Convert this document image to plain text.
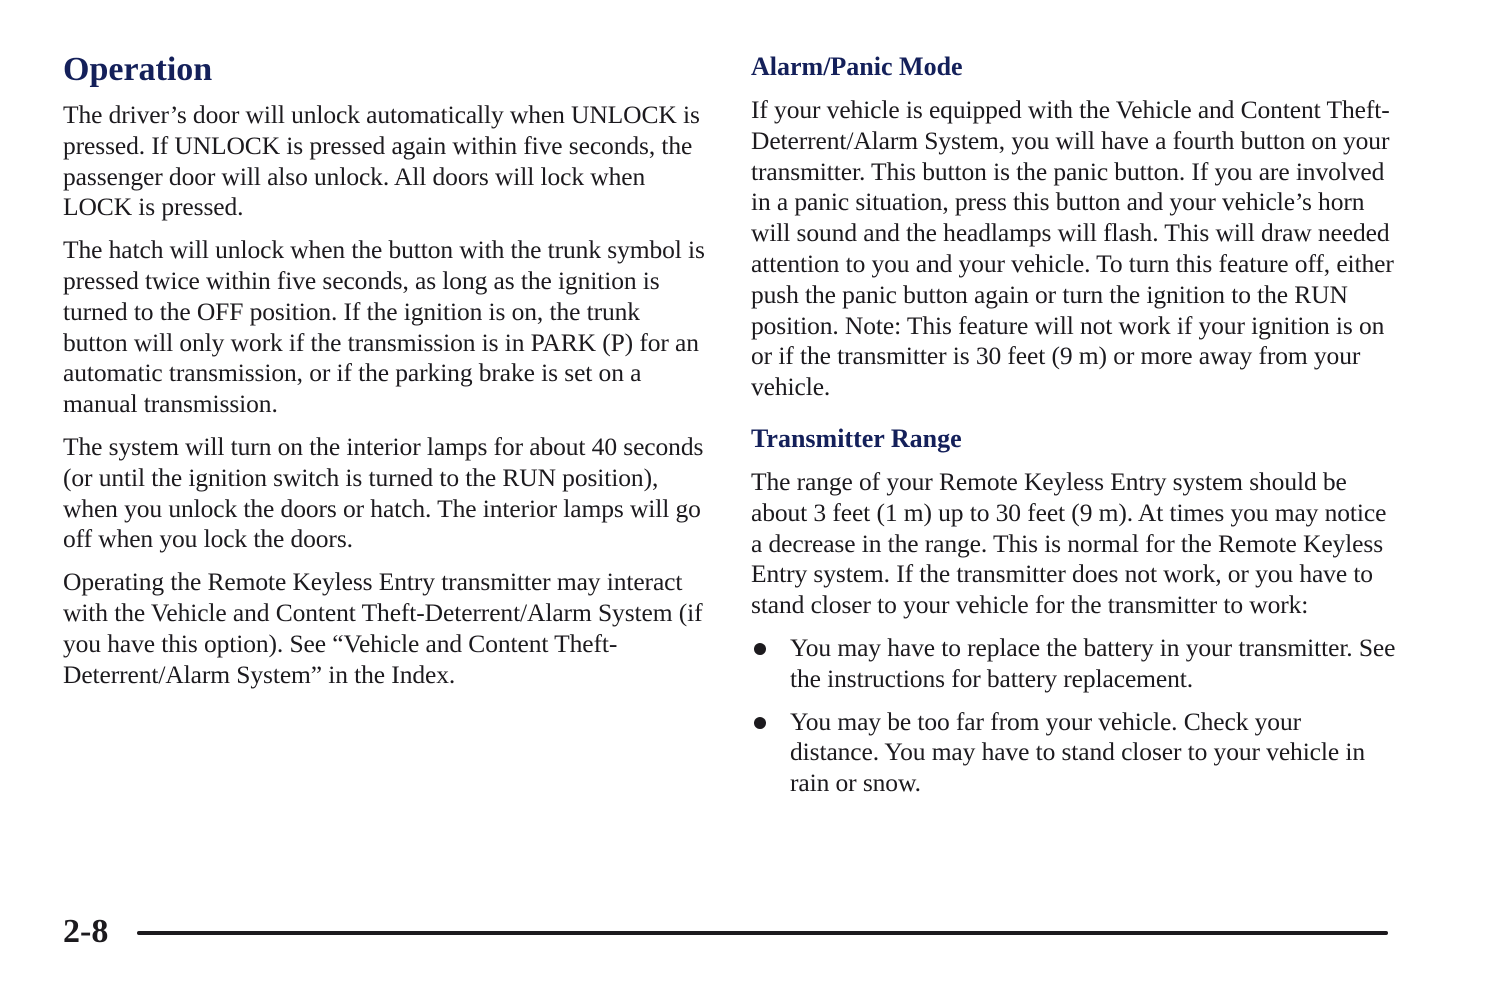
Operation

The driver’s door will unlock automatically when UNLOCK is pressed. If UNLOCK is pressed again within five seconds, the passenger door will also unlock. All doors will lock when LOCK is pressed.

The hatch will unlock when the button with the trunk symbol is pressed twice within five seconds, as long as the ignition is turned to the OFF position. If the ignition is on, the trunk button will only work if the transmission is in PARK (P) for an automatic transmission, or if the parking brake is set on a manual transmission.

The system will turn on the interior lamps for about 40 seconds (or until the ignition switch is turned to the RUN position), when you unlock the doors or hatch. The interior lamps will go off when you lock the doors.

Operating the Remote Keyless Entry transmitter may interact with the Vehicle and Content Theft-Deterrent/Alarm System (if you have this option). See “Vehicle and Content Theft-Deterrent/Alarm System” in the Index.

Alarm/Panic Mode

If your vehicle is equipped with the Vehicle and Content Theft-Deterrent/Alarm System, you will have a fourth button on your transmitter. This button is the panic button. If you are involved in a panic situation, press this button and your vehicle’s horn will sound and the headlamps will flash. This will draw needed attention to you and your vehicle. To turn this feature off, either push the panic button again or turn the ignition to the RUN position. Note: This feature will not work if your ignition is on or if the transmitter is 30 feet (9 m) or more away from your vehicle.

Transmitter Range

The range of your Remote Keyless Entry system should be about 3 feet (1 m) up to 30 feet (9 m). At times you may notice a decrease in the range. This is normal for the Remote Keyless Entry system. If the transmitter does not work, or you have to stand closer to your vehicle for the transmitter to work:

You may have to replace the battery in your transmitter. See the instructions for battery replacement.
You may be too far from your vehicle. Check your distance. You may have to stand closer to your vehicle in rain or snow.
2-8
